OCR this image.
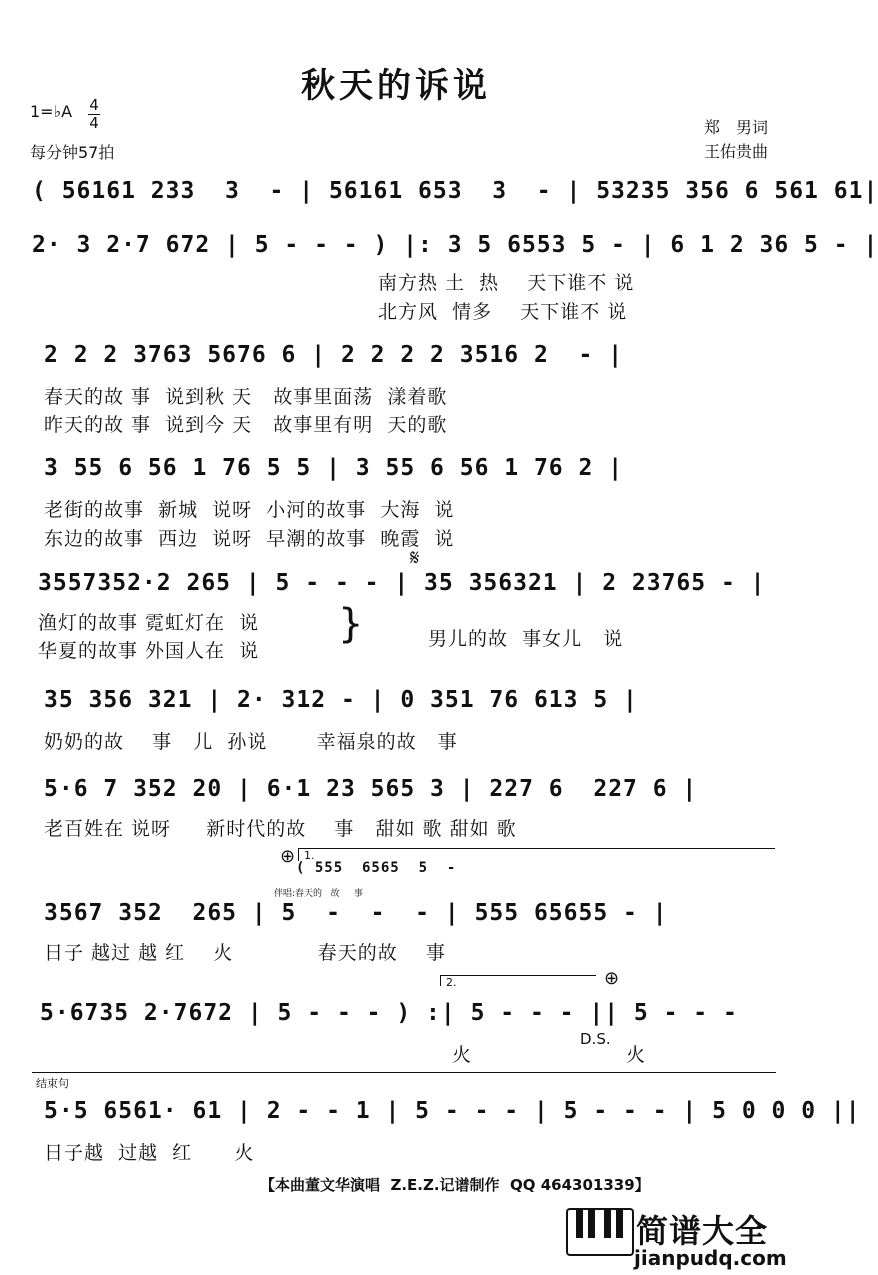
秋天的诉说
1=♭A 4
4
每分钟57拍
郑　男词
王佑贵曲
( 56161 233  3  - | 56161 653  3  - | 53235 356 6 561 61|
2· 3 2·7 672 | 5 - - - ) |: 3 5 6553 5 - | 6 1 2 36 5 - |
南方热 土  热    天下谁不 说
北方风  情多    天下谁不 说
2 2 2 3763 5676 6 | 2 2 2 2 3516 2  - |
春天的故 事  说到秋 天   故事里面荡  漾着歌
昨天的故 事  说到今 天   故事里有明  天的歌
3 55 6 56 1 76 5 5 | 3 55 6 56 1 76 2 |
老街的故事  新城  说呀  小河的故事  大海  说
东边的故事  西边  说呀  早潮的故事  晚霞  说
3557352·2 265 | 5 - - - | 35 356321 | 2 23765 - |
𝄋
渔灯的故事 霓虹灯在  说
华夏的故事 外国人在  说
}	男儿的故  事女儿   说
35 356 321 | 2· 312 - | 0 351 76 613 5 |
奶奶的故    事   儿  孙说       幸福泉的故   事
5·6 7 352 20 | 6·1 23 565 3 | 227 6  227 6 |
老百姓在 说呀     新时代的故    事   甜如 歌 甜如 歌
⊕ 1.
( 555  6565  5  -
伴唱:春天的   故     事
3567 352  265 | 5  -  -  - | 555 65655 - |
日子 越过 越 红    火            春天的故    事
2.	⊕
5·6735 2·7672 | 5 - - - ) :| 5 - - - || 5 - - -
D.S.
火	火
结束句
5·5 6561· 61 | 2 - - 1 | 5 - - - | 5 - - - | 5 0 0 0 ||
日子越  过越  红      火
【本曲董文华演唱  Z.E.Z.记谱制作  QQ 464301339】
简谱大全
jianpudq.com
